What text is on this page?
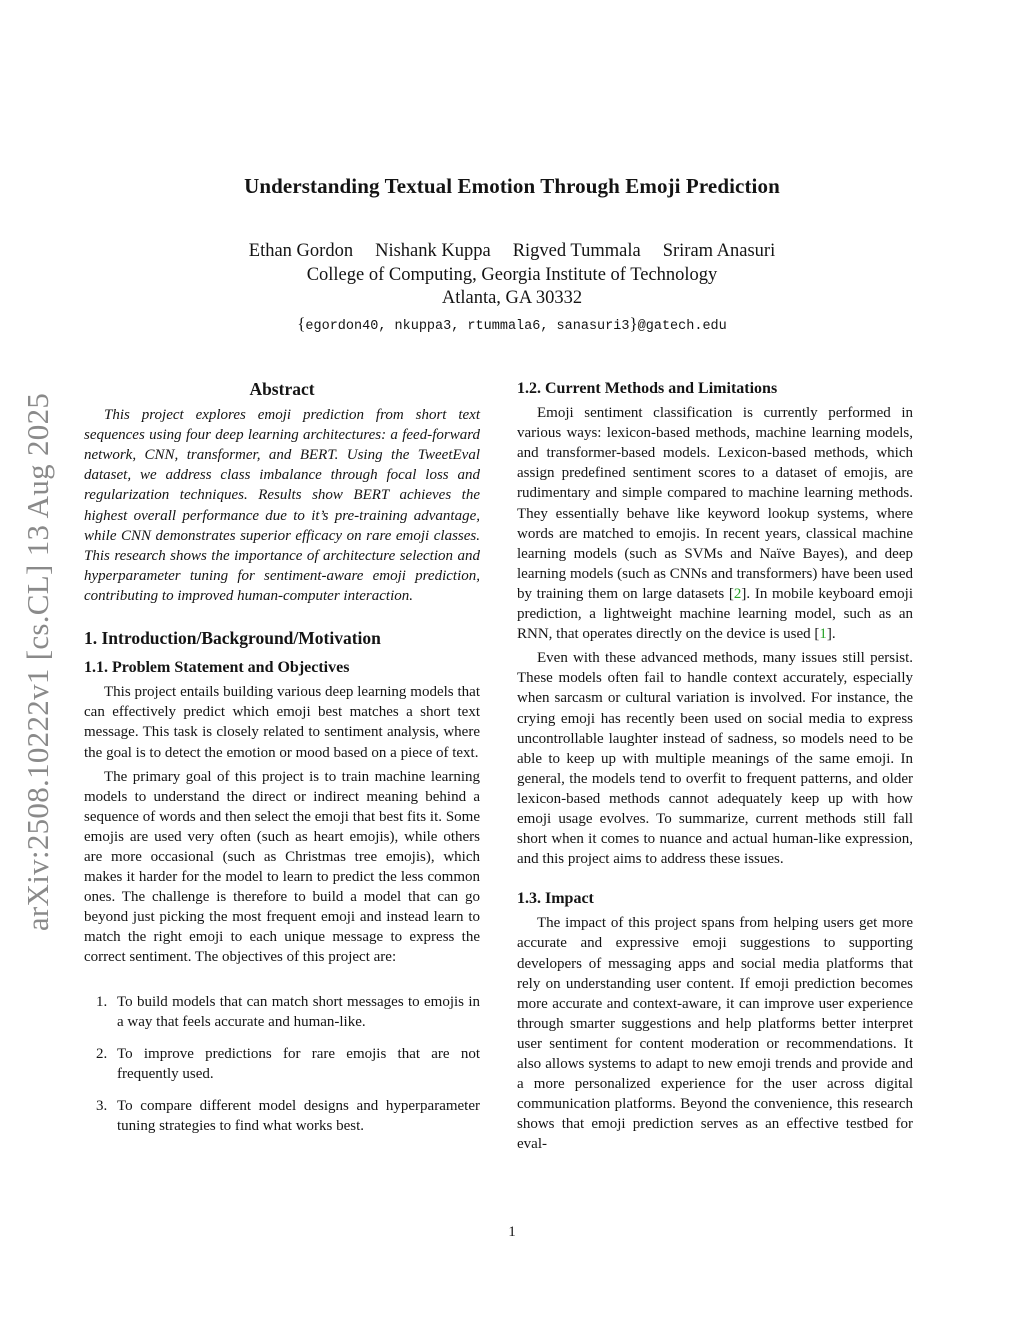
Understanding Textual Emotion Through Emoji Prediction
Ethan Gordon Nishank Kuppa Rigved Tummala Sriram Anasuri
College of Computing, Georgia Institute of Technology
Atlanta, GA 30332
{egordon40, nkuppa3, rtummala6, sanasuri3}@gatech.edu
arXiv:2508.10222v1 [cs.CL] 13 Aug 2025
Abstract

This project explores emoji prediction from short text sequences using four deep learning architectures: a feed-forward network, CNN, transformer, and BERT. Using the TweetEval dataset, we address class imbalance through focal loss and regularization techniques. Results show BERT achieves the highest overall performance due to it’s pre-training advantage, while CNN demonstrates superior efficacy on rare emoji classes. This research shows the importance of architecture selection and hyperparameter tuning for sentiment-aware emoji prediction, contributing to improved human-computer interaction.

1. Introduction/Background/Motivation
1.1. Problem Statement and Objectives

This project entails building various deep learning models that can effectively predict which emoji best matches a short text message. This task is closely related to sentiment analysis, where the goal is to detect the emotion or mood based on a piece of text.

The primary goal of this project is to train machine learning models to understand the direct or indirect meaning behind a sequence of words and then select the emoji that best fits it. Some emojis are used very often (such as heart emojis), while others are more occasional (such as Christmas tree emojis), which makes it harder for the model to learn to predict the less common ones. The challenge is therefore to build a model that can go beyond just picking the most frequent emoji and instead learn to match the right emoji to each unique message to express the correct sentiment. The objectives of this project are:

1. To build models that can match short messages to emojis in a way that feels accurate and human-like.
2. To improve predictions for rare emojis that are not frequently used.
3. To compare different model designs and hyperparameter tuning strategies to find what works best.
1.2. Current Methods and Limitations

Emoji sentiment classification is currently performed in various ways: lexicon-based methods, machine learning models, and transformer-based models. Lexicon-based methods, which assign predefined sentiment scores to a dataset of emojis, are rudimentary and simple compared to machine learning methods. They essentially behave like keyword lookup systems, where words are matched to emojis. In recent years, classical machine learning models (such as SVMs and Naïve Bayes), and deep learning models (such as CNNs and transformers) have been used by training them on large datasets [2]. In mobile keyboard emoji prediction, a lightweight machine learning model, such as an RNN, that operates directly on the device is used [1].

Even with these advanced methods, many issues still persist. These models often fail to handle context accurately, especially when sarcasm or cultural variation is involved. For instance, the crying emoji has recently been used on social media to express uncontrollable laughter instead of sadness, so models need to be able to keep up with multiple meanings of the same emoji. In general, the models tend to overfit to frequent patterns, and older lexicon-based methods cannot adequately keep up with how emoji usage evolves. To summarize, current methods still fall short when it comes to nuance and actual human-like expression, and this project aims to address these issues.

1.3. Impact

The impact of this project spans from helping users get more accurate and expressive emoji suggestions to supporting developers of messaging apps and social media platforms that rely on understanding user content. If emoji prediction becomes more accurate and context-aware, it can improve user experience through smarter suggestions and help platforms better interpret user sentiment for content moderation or recommendations. It also allows systems to adapt to new emoji trends and provide and a more personalized experience for the user across digital communication platforms. Beyond the convenience, this research shows that emoji prediction serves as an effective testbed for eval-

1
